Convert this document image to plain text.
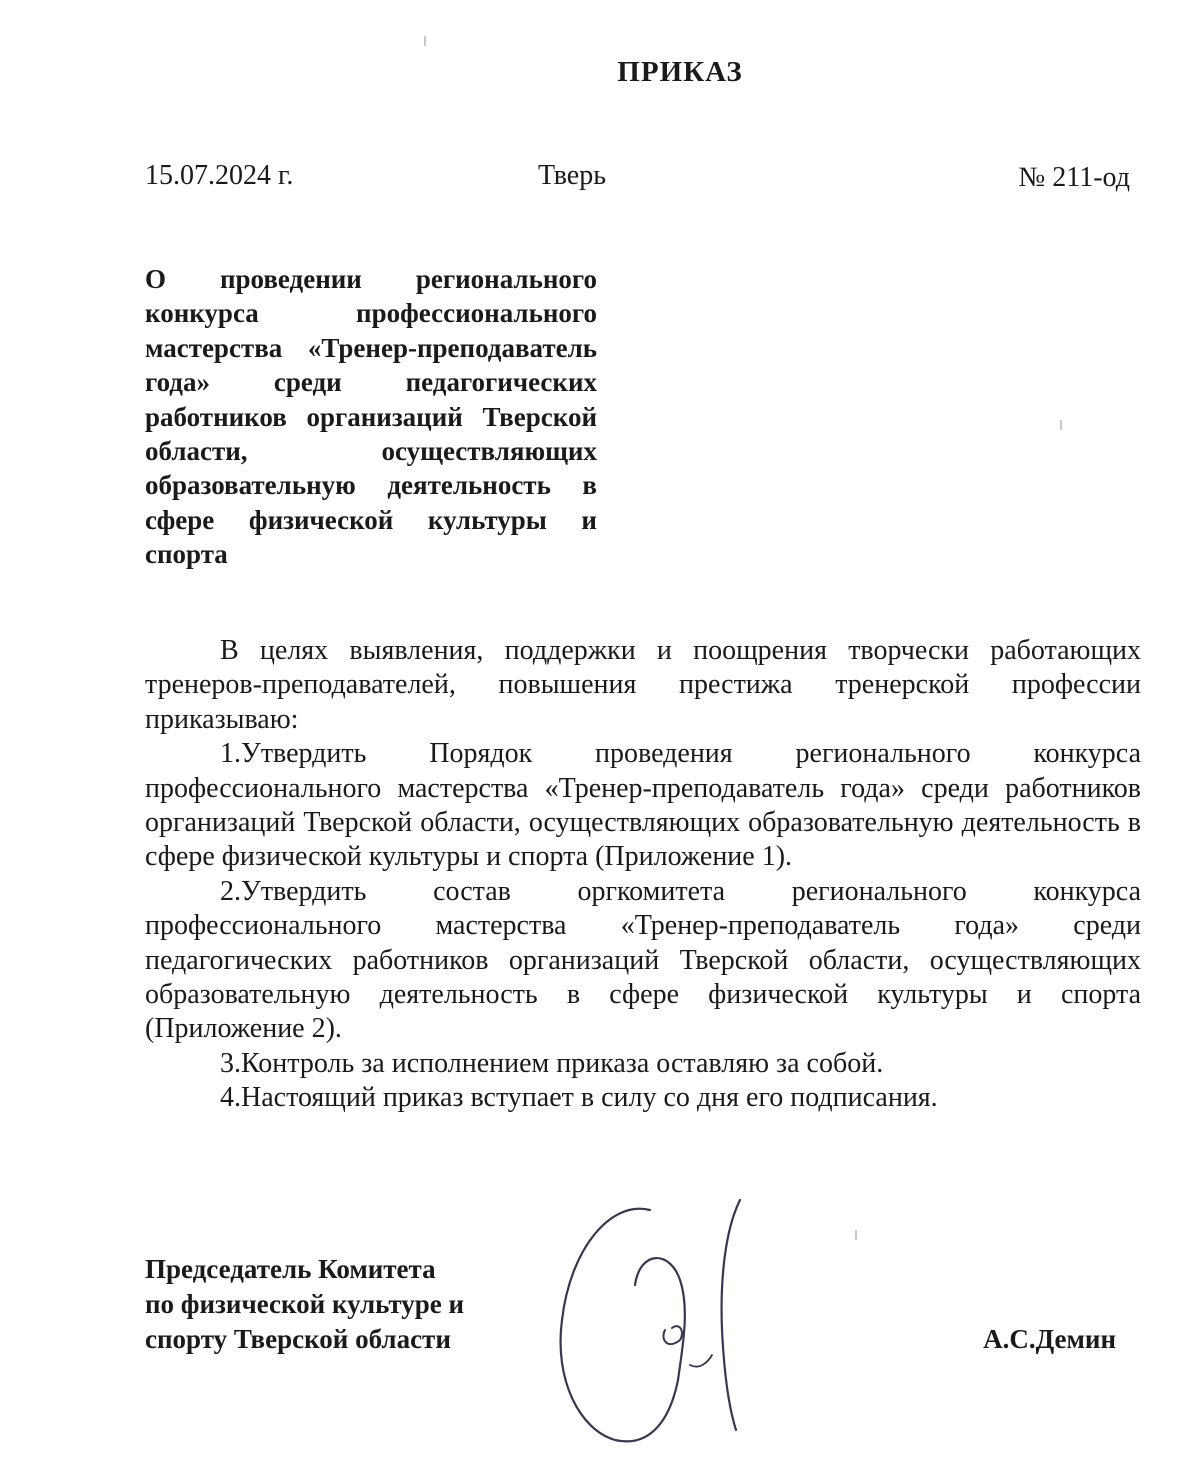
ПРИКАЗ
15.07.2024 г.	Тверь	№ 211-од
О проведении регионального конкурса профессионального мастерства «Тренер-преподаватель года» среди педагогических работников организаций Тверской области, осуществляющих образовательную деятельность в сфере физической культуры и спорта

В целях выявления, поддержки и поощрения творчески работающих тренеров-преподавателей, повышения престижа тренерской профессии приказываю:

1.Утвердить Порядок проведения регионального конкурса профессионального мастерства «Тренер-преподаватель года» среди работников организаций Тверской области, осуществляющих образовательную деятельность в сфере физической культуры и спорта (Приложение 1).

2.Утвердить состав оргкомитета регионального конкурса профессионального мастерства «Тренер-преподаватель года» среди педагогических работников организаций Тверской области, осуществляющих образовательную деятельность в сфере физической культуры и спорта (Приложение 2).

3.Контроль за исполнением приказа оставляю за собой.

4.Настоящий приказ вступает в силу со дня его подписания.

Председатель Комитета
по физической культуре и
спорту Тверской области	А.С.Демин
